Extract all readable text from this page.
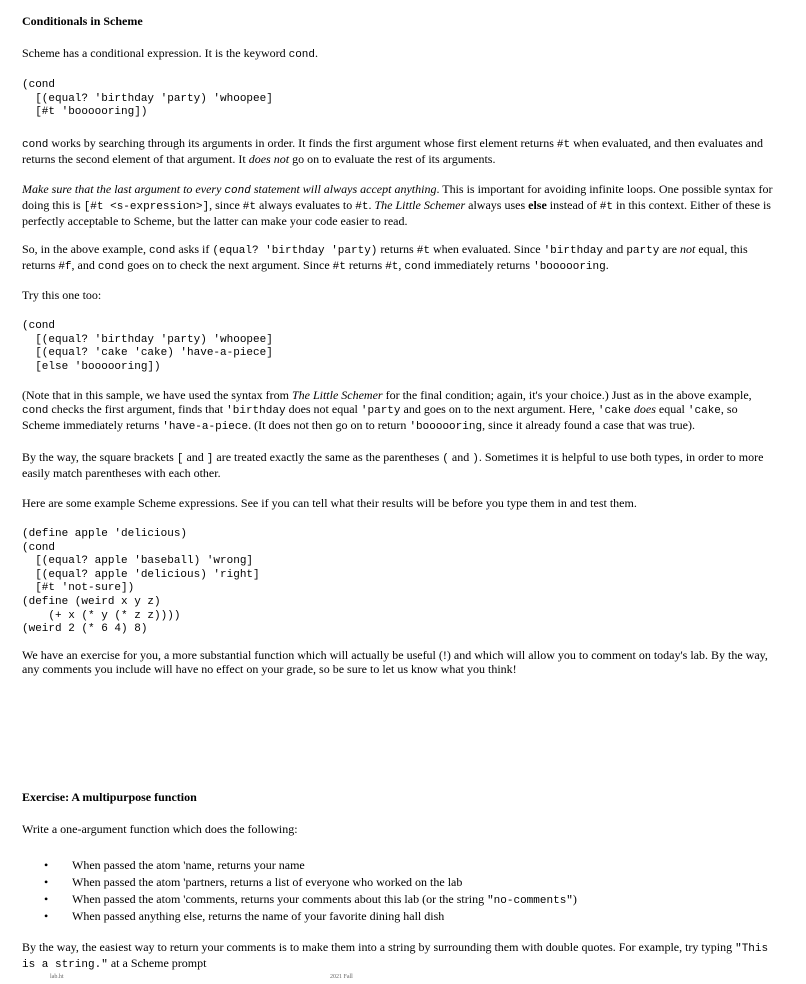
Conditionals in Scheme

Scheme has a conditional expression. It is the keyword cond.

(cond
[(equal? 'birthday 'party) 'whoopee]
[#t 'boooooring])

cond works by searching through its arguments in order. It finds the first argument whose first element returns #t when evaluated, and then evaluates and returns the second element of that argument. It does not go on to evaluate the rest of its arguments.

Make sure that the last argument to every cond statement will always accept anything. This is important for avoiding infinite loops. One possible syntax for doing this is [#t <s-expression>], since #t always evaluates to #t. The Little Schemer always uses else instead of #t in this context. Either of these is perfectly acceptable to Scheme, but the latter can make your code easier to read.

So, in the above example, cond asks if (equal? 'birthday 'party) returns #t when evaluated. Since 'birthday and party are not equal, this returns #f, and cond goes on to check the next argument. Since #t returns #t, cond immediately returns 'boooooring.

Try this one too:

(cond
[(equal? 'birthday 'party) 'whoopee]
[(equal? 'cake 'cake) 'have-a-piece]
[else 'boooooring])

(Note that in this sample, we have used the syntax from The Little Schemer for the final condition; again, it's your choice.) Just as in the above example, cond checks the first argument, finds that 'birthday does not equal 'party and goes on to the next argument. Here, 'cake does equal 'cake, so Scheme immediately returns 'have-a-piece. (It does not then go on to return 'boooooring, since it already found a case that was true).

By the way, the square brackets [ and ] are treated exactly the same as the parentheses ( and ). Sometimes it is helpful to use both types, in order to more easily match parentheses with each other.

Here are some example Scheme expressions. See if you can tell what their results will be before you type them in and test them.

(define apple 'delicious)
(cond
[(equal? apple 'baseball) 'wrong]
[(equal? apple 'delicious) 'right]
[#t 'not-sure])
(define (weird x y z)
(+ x (* y (* z z))))
(weird 2 (* 6 4) 8)

We have an exercise for you, a more substantial function which will actually be useful (!) and which will allow you to comment on today's lab. By the way, any comments you include will have no effect on your grade, so be sure to let us know what you think!

Exercise: A multipurpose function

Write a one-argument function which does the following:

• When passed the atom 'name, returns your name
• When passed the atom 'partners, returns a list of everyone who worked on the lab
• When passed the atom 'comments, returns your comments about this lab (or the string "no-comments")
• When passed anything else, returns the name of your favorite dining hall dish

By the way, the easiest way to return your comments is to make them into a string by surrounding them with double quotes. For example, try typing "This is a string." at a Scheme prompt

lab.ht	2021 Fall
